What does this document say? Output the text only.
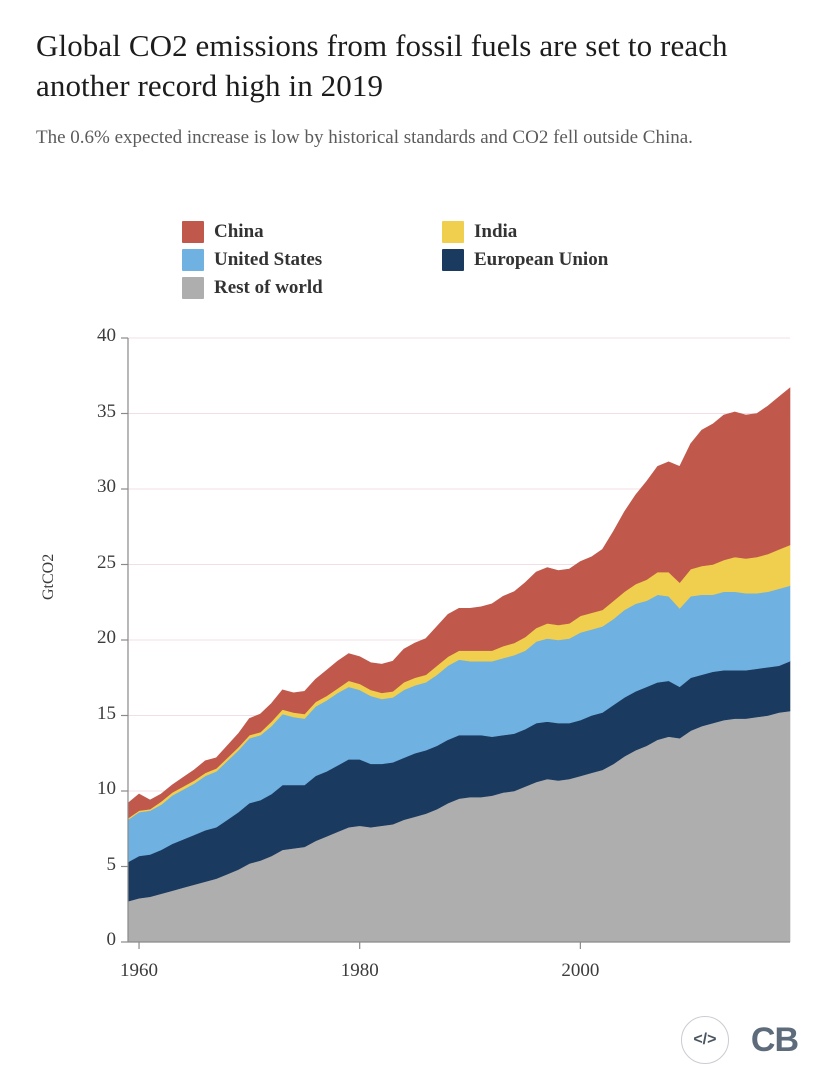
Global CO2 emissions from fossil fuels are set to reach another record high in 2019
The 0.6% expected increase is low by historical standards and CO2 fell outside China.
China	India
United States	European Union
Rest of world
GtCO2
0
5
10
15
20
25
30
35
40
1960	1980	2000
</>	CB
